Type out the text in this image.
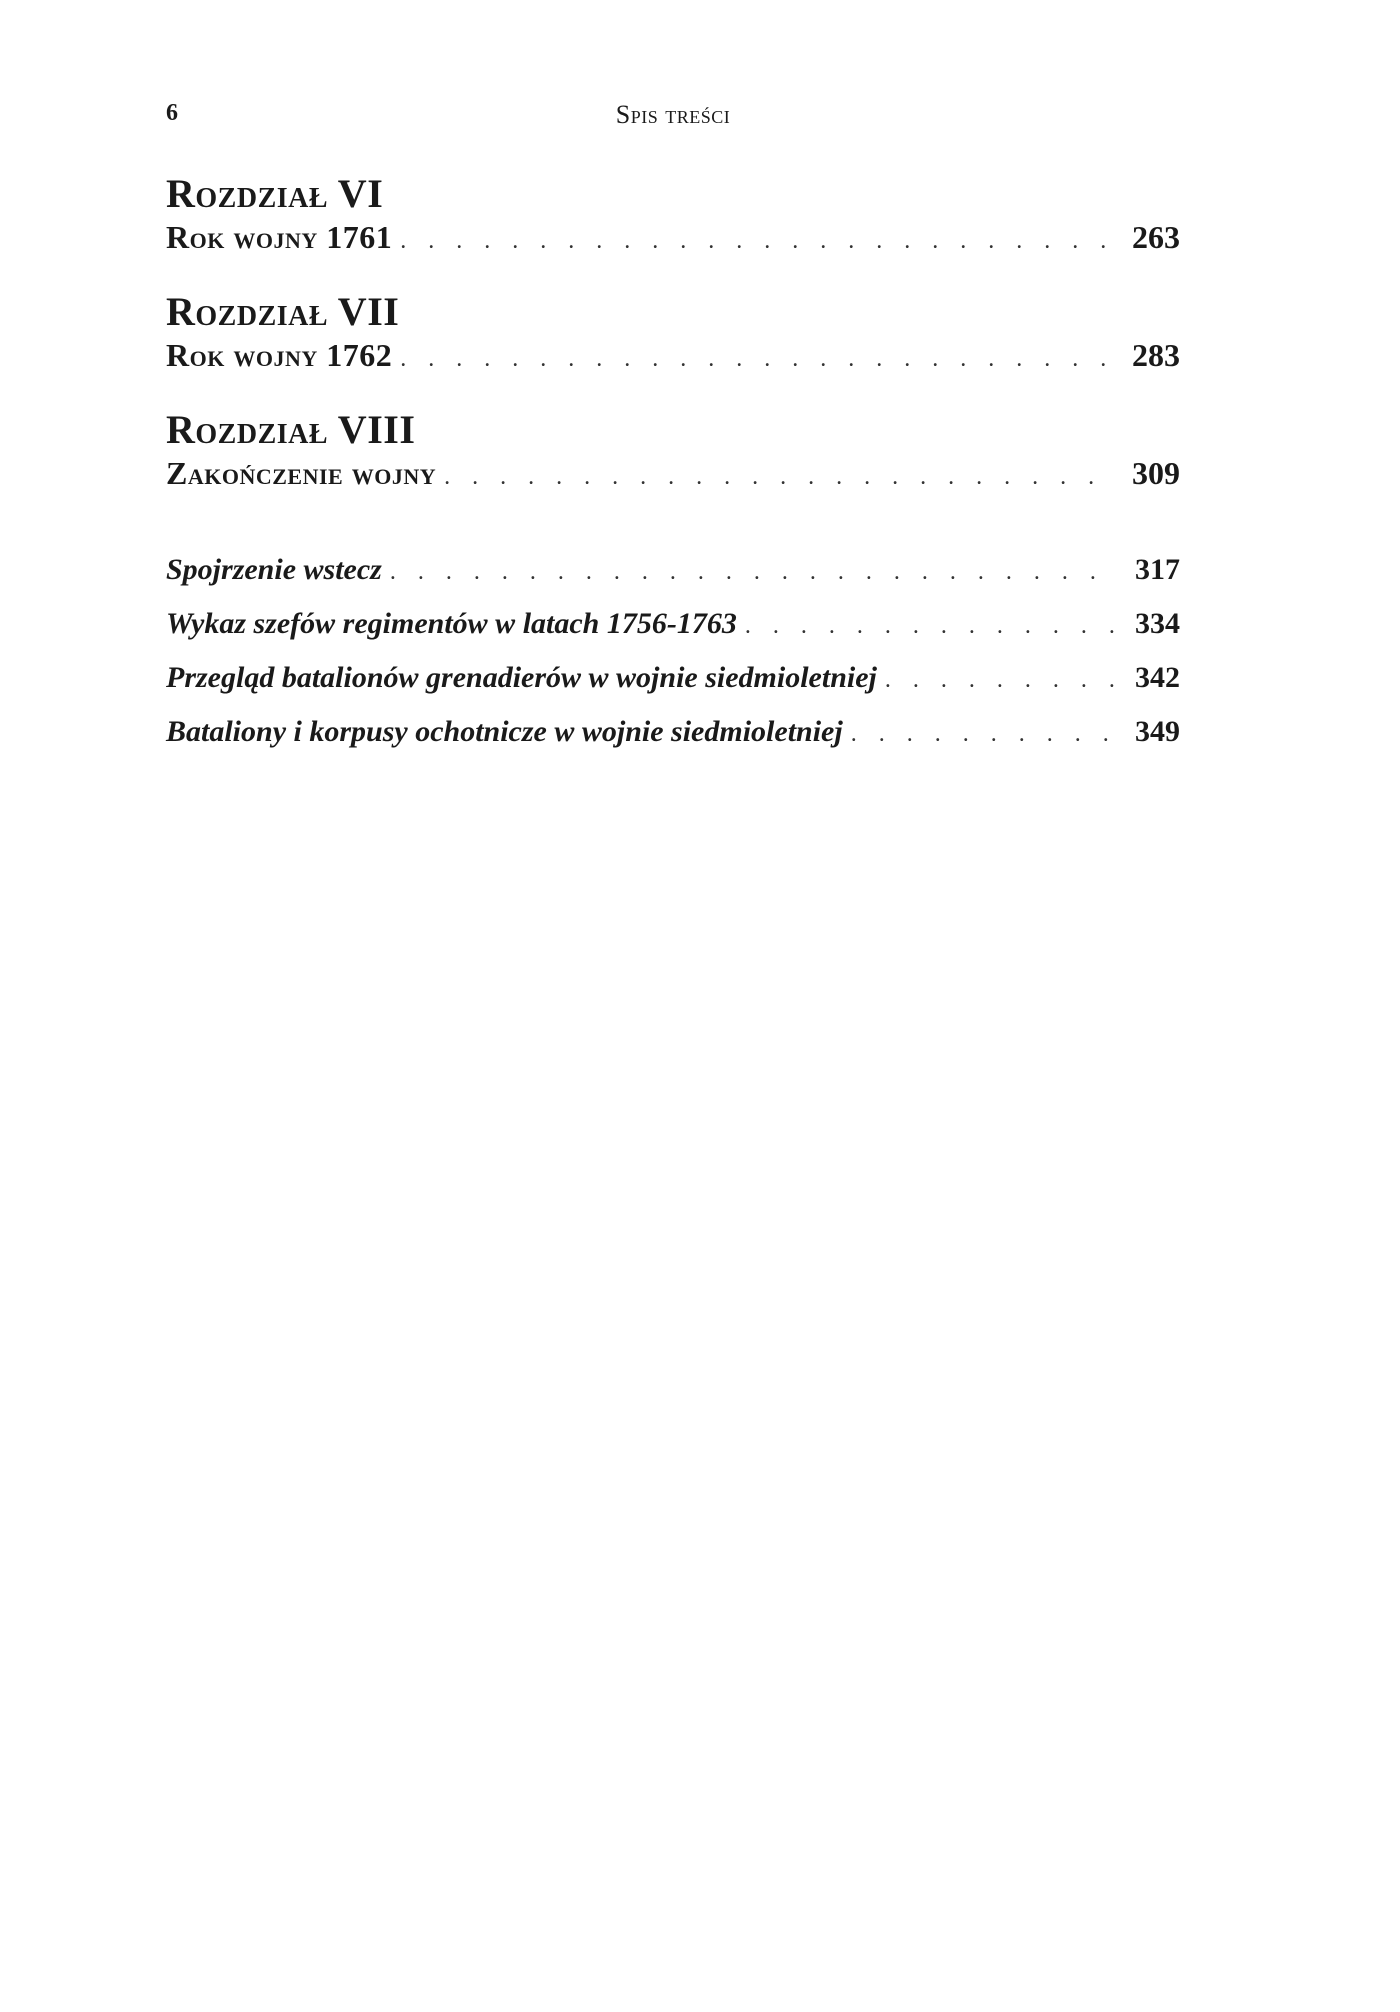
6	Spis treści
Rozdział VI
Rok wojny 1761 . . .	263
Rozdział VII
Rok wojny 1762 . . .	283
Rozdział VIII
Zakończenie wojny . . .	309
Spojrzenie wstecz . . .	317
Wykaz szefów regimentów w latach 1756-1763 . . .	334
Przegląd batalionów grenadierów w wojnie siedmioletniej . . .	342
Bataliony i korpusy ochotnicze w wojnie siedmioletniej . . .	349
